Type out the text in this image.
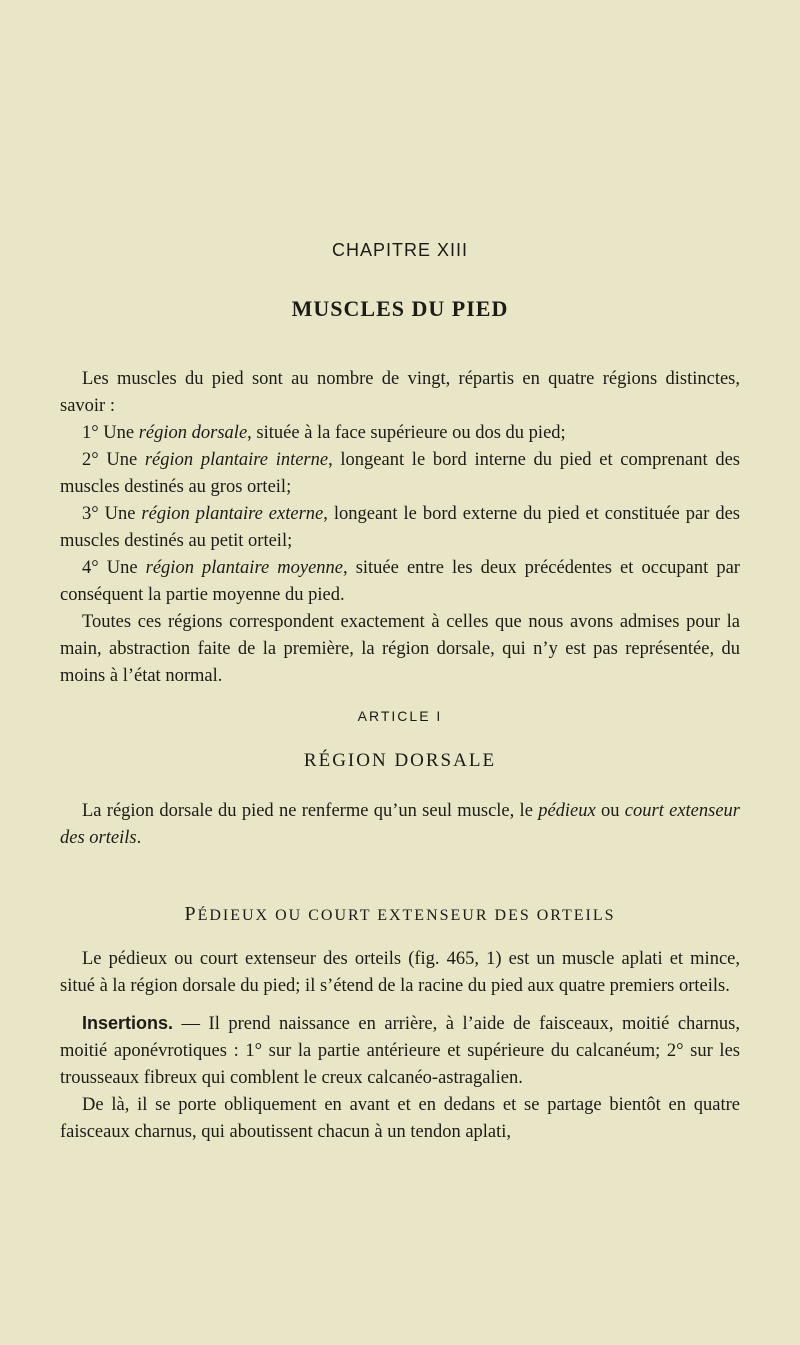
CHAPITRE XIII
MUSCLES DU PIED

Les muscles du pied sont au nombre de vingt, répartis en quatre régions distinctes, savoir :

1° Une région dorsale, située à la face supérieure ou dos du pied;

2° Une région plantaire interne, longeant le bord interne du pied et comprenant des muscles destinés au gros orteil;

3° Une région plantaire externe, longeant le bord externe du pied et constituée par des muscles destinés au petit orteil;

4° Une région plantaire moyenne, située entre les deux précédentes et occupant par conséquent la partie moyenne du pied.

Toutes ces régions correspondent exactement à celles que nous avons admises pour la main, abstraction faite de la première, la région dorsale, qui n’y est pas représentée, du moins à l’état normal.

ARTICLE I
RÉGION DORSALE

La région dorsale du pied ne renferme qu’un seul muscle, le pédieux ou court extenseur des orteils.

PÉDIEUX OU COURT EXTENSEUR DES ORTEILS

Le pédieux ou court extenseur des orteils (fig. 465, 1) est un muscle aplati et mince, situé à la région dorsale du pied; il s’étend de la racine du pied aux quatre premiers orteils.

Insertions. — Il prend naissance en arrière, à l’aide de faisceaux, moitié charnus, moitié aponévrotiques : 1° sur la partie antérieure et supérieure du calcanéum; 2° sur les trousseaux fibreux qui comblent le creux calcanéo-astragalien.

De là, il se porte obliquement en avant et en dedans et se partage bientôt en quatre faisceaux charnus, qui aboutissent chacun à un tendon aplati,
